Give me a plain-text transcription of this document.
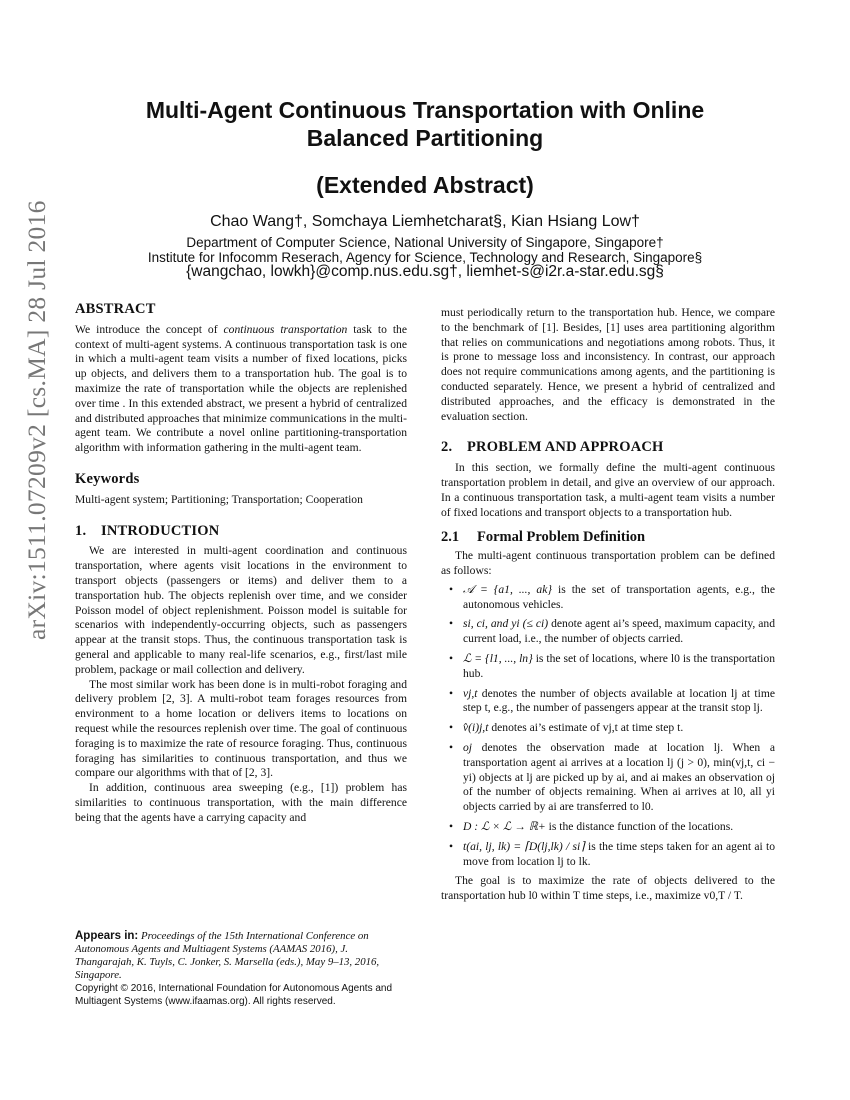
arXiv:1511.07209v2 [cs.MA] 28 Jul 2016
Multi-Agent Continuous Transportation with Online
Balanced Partitioning
(Extended Abstract)
Chao Wang†, Somchaya Liemhetcharat§, Kian Hsiang Low†
Department of Computer Science, National University of Singapore, Singapore†
Institute for Infocomm Reserach, Agency for Science, Technology and Research, Singapore§
{wangchao, lowkh}@comp.nus.edu.sg†, liemhet-s@i2r.a-star.edu.sg§
ABSTRACT

We introduce the concept of continuous transportation task to the context of multi-agent systems. A continuous transportation task is one in which a multi-agent team visits a number of fixed locations, picks up objects, and delivers them to a transportation hub. The goal is to maximize the rate of transportation while the objects are replenished over time . In this extended abstract, we present a hybrid of centralized and distributed approaches that minimize communications in the multi-agent team. We contribute a novel online partitioning-transportation algorithm with information gathering in the multi-agent team.

Keywords

Multi-agent system; Partitioning; Transportation; Cooperation

1. INTRODUCTION

We are interested in multi-agent coordination and continuous transportation, where agents visit locations in the environment to transport objects (passengers or items) and deliver them to a transportation hub. The objects replenish over time, and we consider Poisson model of object replenishment. Poisson model is suitable for scenarios with independently-occurring objects, such as passengers appear at the transit stops. Thus, the continuous transportation task is general and applicable to many real-life scenarios, e.g., first/last mile problem, package or mail collection and delivery.

The most similar work has been done is in multi-robot foraging and delivery problem [2, 3]. A multi-robot team forages resources from environment to a home location or delivers items to locations on request while the resources replenish over time. The goal of continuous foraging is to maximize the rate of resource foraging. Thus, continuous foraging has similarities to continuous transportation, and thus we compare our algorithms with that of [2, 3].

In addition, continuous area sweeping (e.g., [1]) problem has similarities to continuous transportation, with the main difference being that the agents have a carrying capacity and

Appears in: Proceedings of the 15th International Conference on Autonomous Agents and Multiagent Systems (AAMAS 2016), J. Thangarajah, K. Tuyls, C. Jonker, S. Marsella (eds.), May 9–13, 2016, Singapore.
Copyright © 2016, International Foundation for Autonomous Agents and Multiagent Systems (www.ifaamas.org). All rights reserved.

must periodically return to the transportation hub. Hence, we compare to the benchmark of [1]. Besides, [1] uses area partitioning algorithm that relies on communications and negotiations among robots. Thus, it is prone to message loss and inconsistency. In contrast, our approach does not require communications among agents, and the partitioning is conducted separately. Hence, we present a hybrid of centralized and distributed approaches, and the efficacy is demonstrated in the evaluation section.

2. PROBLEM AND APPROACH

In this section, we formally define the multi-agent continuous transportation problem in detail, and give an overview of our approach. In a continuous transportation task, a multi-agent team visits a number of fixed locations and transport objects to a transportation hub.

2.1 Formal Problem Definition

The multi-agent continuous transportation problem can be defined as follows:

• 𝒜 = {a1, ..., ak} is the set of transportation agents, e.g., the autonomous vehicles.
• si, ci, and yi (≤ ci) denote agent ai’s speed, maximum capacity, and current load, i.e., the number of objects carried.
• ℒ = {l1, ..., ln} is the set of locations, where l0 is the transportation hub.
• vj,t denotes the number of objects available at location lj at time step t, e.g., the number of passengers appear at the transit stop lj.
• v̂(i)j,t denotes ai’s estimate of vj,t at time step t.
• oj denotes the observation made at location lj. When a transportation agent ai arrives at a location lj (j > 0), min(vj,t, ci − yi) objects at lj are picked up by ai, and ai makes an observation oj of the number of objects remaining. When ai arrives at l0, all yi objects carried by ai are transferred to l0.
• D : ℒ × ℒ → ℝ+ is the distance function of the locations.
• t(ai, lj, lk) = ⌈D(lj,lk) / si⌉ is the time steps taken for an agent ai to move from location lj to lk.

The goal is to maximize the rate of objects delivered to the transportation hub l0 within T time steps, i.e., maximize v0,T / T.
